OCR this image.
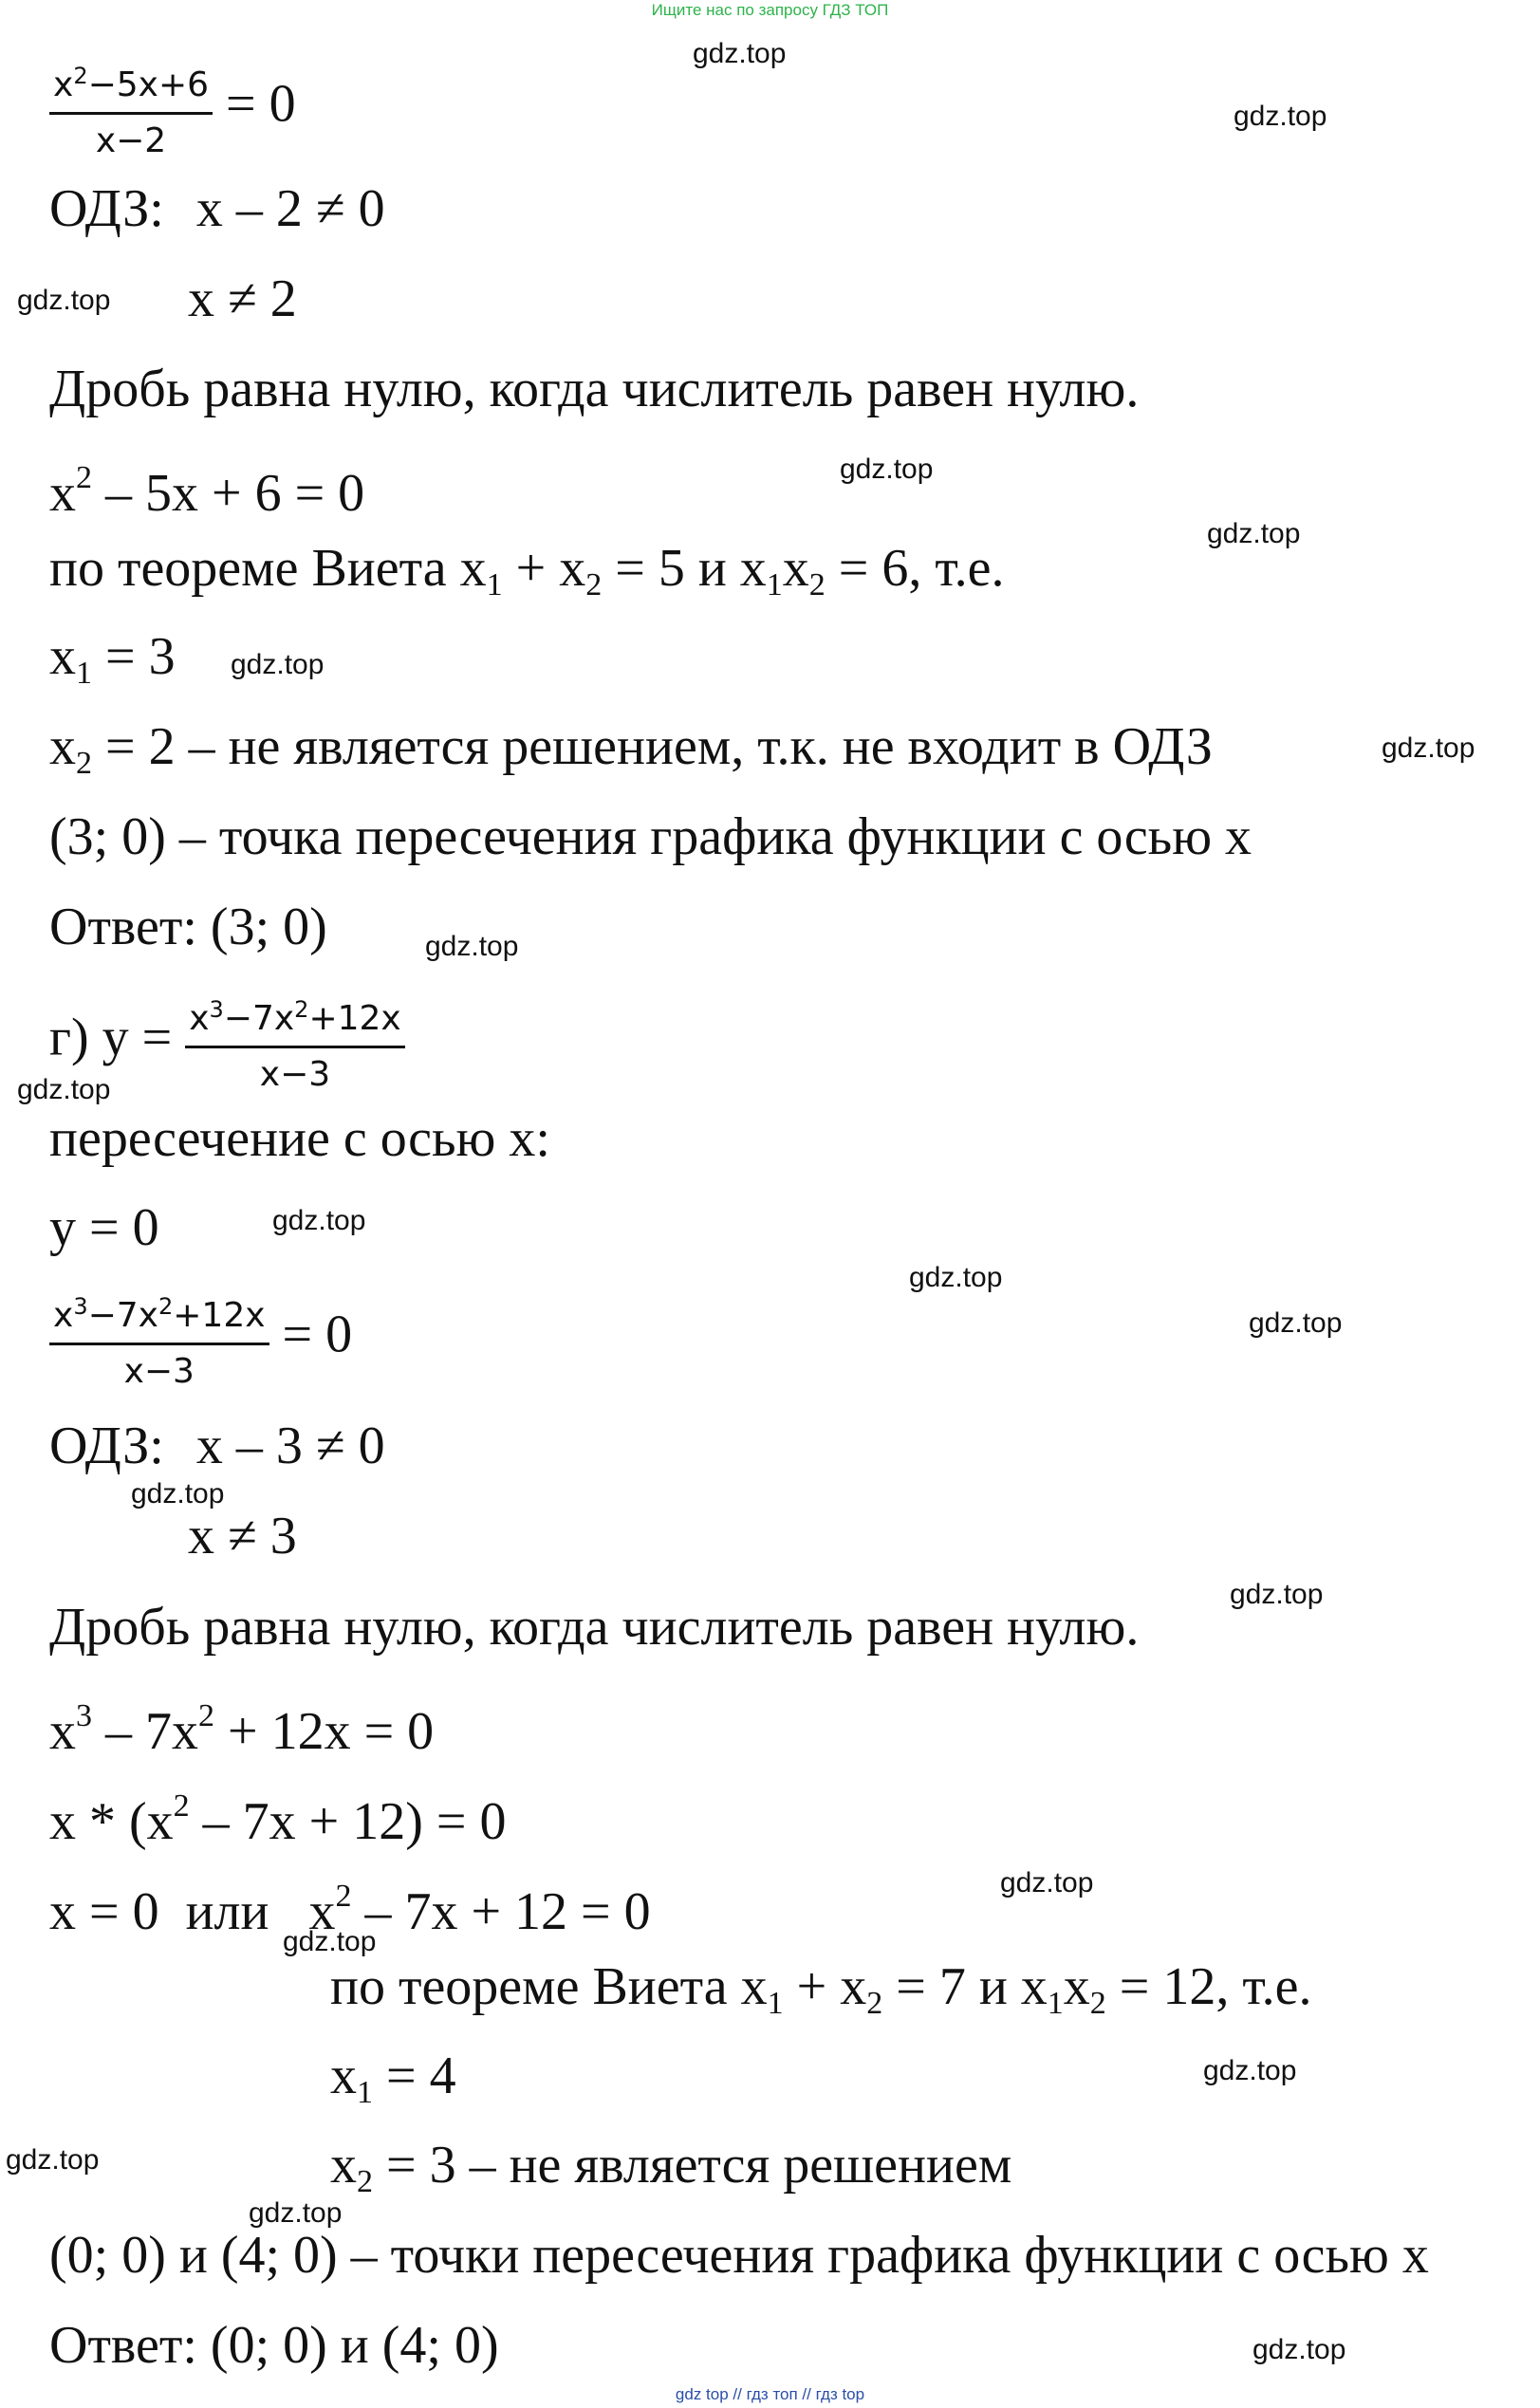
Ищите нас по запросу ГДЗ ТОП
$\frac{x^2-5x+6}{x-2} = 0$
ОДЗ: x – 2 ≠ 0
x ≠ 2
Дробь равна нулю, когда числитель равен нулю.
$x^2 - 5x + 6 = 0$
по теореме Виета $x_1 + x_2 = 5$ и $x_1x_2 = 6$, т.е.
$x_1 = 3$
$x_2 = 2$ – не является решением, т.к. не входит в ОДЗ
(3; 0) – точка пересечения графика функции с осью x
Ответ: (3; 0)
г) $y = \frac{x^3-7x^2+12x}{x-3}$
пересечение с осью x:
y = 0
$\frac{x^3-7x^2+12x}{x-3} = 0$
ОДЗ: x – 3 ≠ 0
x ≠ 3
Дробь равна нулю, когда числитель равен нулю.
$x^3 - 7x^2 + 12x = 0$
$x * (x^2 - 7x + 12) = 0$
x = 0  или   $x^2 - 7x + 12 = 0$
по теореме Виета $x_1 + x_2 = 7$ и $x_1x_2 = 12$, т.е.
$x_1 = 4$
$x_2 = 3$ – не является решением
(0; 0) и (4; 0) – точки пересечения графика функции с осью x
Ответ: (0; 0) и (4; 0)
gdz.top
gdz.top
gdz.top
gdz.top
gdz.top
gdz.top
gdz.top
gdz.top
gdz.top
gdz.top
gdz.top
gdz.top
gdz.top
gdz.top
gdz.top
gdz.top
gdz.top
gdz.top
gdz.top
gdz.top
gdz top // гдз топ // гдз top
